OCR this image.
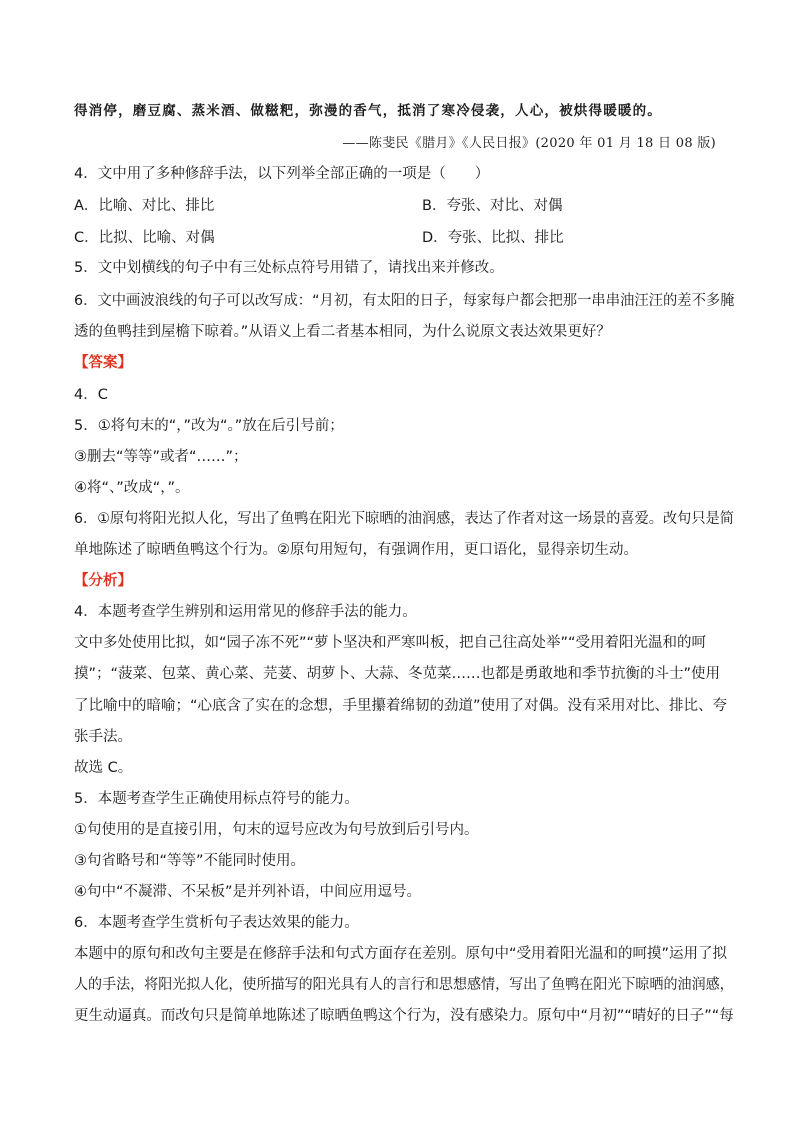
得消停，磨豆腐、蒸米酒、做糍粑，弥漫的香气，抵消了寒冷侵袭，人心，被烘得暖暖的。
——陈斐民《腊月》《人民日报》(2020 年 01 月 18 日 08 版)
4．文中用了多种修辞手法，以下列举全部正确的一项是（　　）
A．比喻、对比、排比	B．夸张、对比、对偶
C．比拟、比喻、对偶	D．夸张、比拟、排比
5．文中划横线的句子中有三处标点符号用错了，请找出来并修改。
6．文中画波浪线的句子可以改写成：“月初，有太阳的日子，每家每户都会把那一串串油汪汪的差不多腌
透的鱼鸭挂到屋檐下晾着。”从语义上看二者基本相同，为什么说原文表达效果更好？
【答案】
4．C
5．①将句末的“，”改为“。”放在后引号前；
③删去“等等”或者“……”；
④将“、”改成“，”。
6．①原句将阳光拟人化，写出了鱼鸭在阳光下晾晒的油润感，表达了作者对这一场景的喜爱。改句只是简
单地陈述了晾晒鱼鸭这个行为。②原句用短句，有强调作用，更口语化，显得亲切生动。
【分析】
4．本题考查学生辨别和运用常见的修辞手法的能力。
文中多处使用比拟，如“园子冻不死”“萝卜坚决和严寒叫板，把自己往高处举”“受用着阳光温和的呵
摸”；“菠菜、包菜、黄心菜、芫荽、胡萝卜、大蒜、冬苋菜……也都是勇敢地和季节抗衡的斗士”使用
了比喻中的暗喻；“心底含了实在的念想，手里攥着绵韧的劲道”使用了对偶。没有采用对比、排比、夸
张手法。
故选 C。
5．本题考查学生正确使用标点符号的能力。
①句使用的是直接引用，句末的逗号应改为句号放到后引号内。
③句省略号和“等等”不能同时使用。
④句中“不凝滞、不呆板”是并列补语，中间应用逗号。
6．本题考查学生赏析句子表达效果的能力。
本题中的原句和改句主要是在修辞手法和句式方面存在差别。原句中“受用着阳光温和的呵摸”运用了拟
人的手法，将阳光拟人化，使所描写的阳光具有人的言行和思想感情，写出了鱼鸭在阳光下晾晒的油润感，
更生动逼真。而改句只是简单地陈述了晾晒鱼鸭这个行为，没有感染力。原句中“月初”“晴好的日子”“每
